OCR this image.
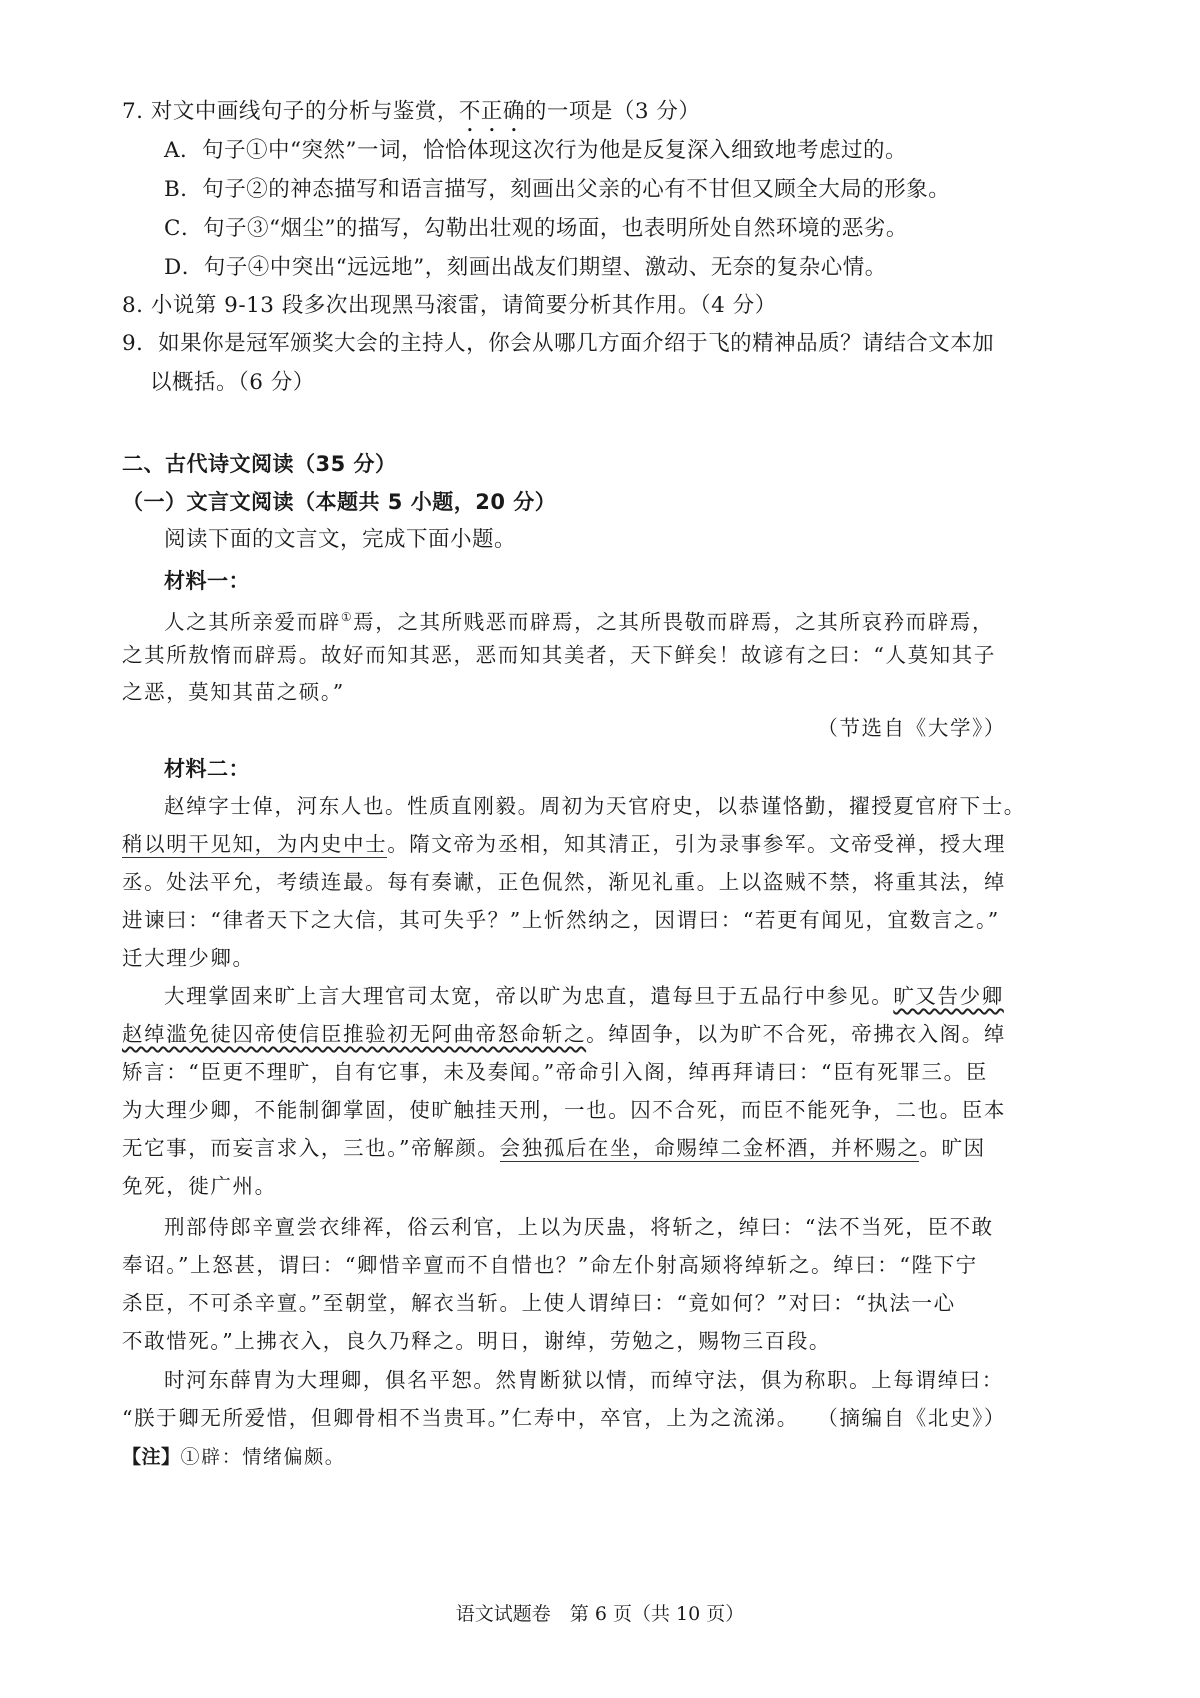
7. 对文中画线句子的分析与鉴赏，不正确的一项是（3 分）
A．句子①中“突然”一词，恰恰体现这次行为他是反复深入细致地考虑过的。
B．句子②的神态描写和语言描写，刻画出父亲的心有不甘但又顾全大局的形象。
C．句子③“烟尘”的描写，勾勒出壮观的场面，也表明所处自然环境的恶劣。
D．句子④中突出“远远地”，刻画出战友们期望、激动、无奈的复杂心情。
8. 小说第 9-13 段多次出现黑马滚雷，请简要分析其作用。（4 分）
9．如果你是冠军颁奖大会的主持人，你会从哪几方面介绍于飞的精神品质？请结合文本加
以概括。（6 分）
二、古代诗文阅读（35 分）
（一）文言文阅读（本题共 5 小题，20 分）
阅读下面的文言文，完成下面小题。
材料一：
人之其所亲爱而辟①焉，之其所贱恶而辟焉，之其所畏敬而辟焉，之其所哀矜而辟焉，
之其所敖惰而辟焉。故好而知其恶，恶而知其美者，天下鲜矣！故谚有之曰：“人莫知其子
之恶，莫知其苗之硕。”
（节选自《大学》）
材料二：
赵绰字士倬，河东人也。性质直刚毅。周初为天官府史，以恭谨恪勤，擢授夏官府下士。
稍以明干见知，为内史中士。隋文帝为丞相，知其清正，引为录事参军。文帝受禅，授大理
丞。处法平允，考绩连最。每有奏谳，正色侃然，渐见礼重。上以盗贼不禁，将重其法，绰
进谏曰：“律者天下之大信，其可失乎？”上忻然纳之，因谓曰：“若更有闻见，宜数言之。”
迁大理少卿。
大理掌固来旷上言大理官司太宽，帝以旷为忠直，遣每旦于五品行中参见。旷又告少卿
赵绰滥免徒囚帝使信臣推验初无阿曲帝怒命斩之。绰固争，以为旷不合死，帝拂衣入阁。绰
矫言：“臣更不理旷，自有它事，未及奏闻。”帝命引入阁，绰再拜请曰：“臣有死罪三。臣
为大理少卿，不能制御掌固，使旷触挂天刑，一也。囚不合死，而臣不能死争，二也。臣本
无它事，而妄言求入，三也。”帝解颜。会独孤后在坐，命赐绰二金杯酒，并杯赐之。旷因
免死，徙广州。
刑部侍郎辛亶尝衣绯裈，俗云利官，上以为厌蛊，将斩之，绰曰：“法不当死，臣不敢
奉诏。”上怒甚，谓曰：“卿惜辛亶而不自惜也？”命左仆射高颎将绰斩之。绰曰：“陛下宁
杀臣，不可杀辛亶。”至朝堂，解衣当斩。上使人谓绰曰：“竟如何？”对曰：“执法一心
不敢惜死。”上拂衣入，良久乃释之。明日，谢绰，劳勉之，赐物三百段。
时河东薛胄为大理卿，俱名平恕。然胄断狱以情，而绰守法，俱为称职。上每谓绰曰：
“朕于卿无所爱惜，但卿骨相不当贵耳。”仁寿中，卒官，上为之流涕。 （摘编自《北史》）
【注】①辟：情绪偏颇。
语文试题卷　第 6 页（共 10 页）
